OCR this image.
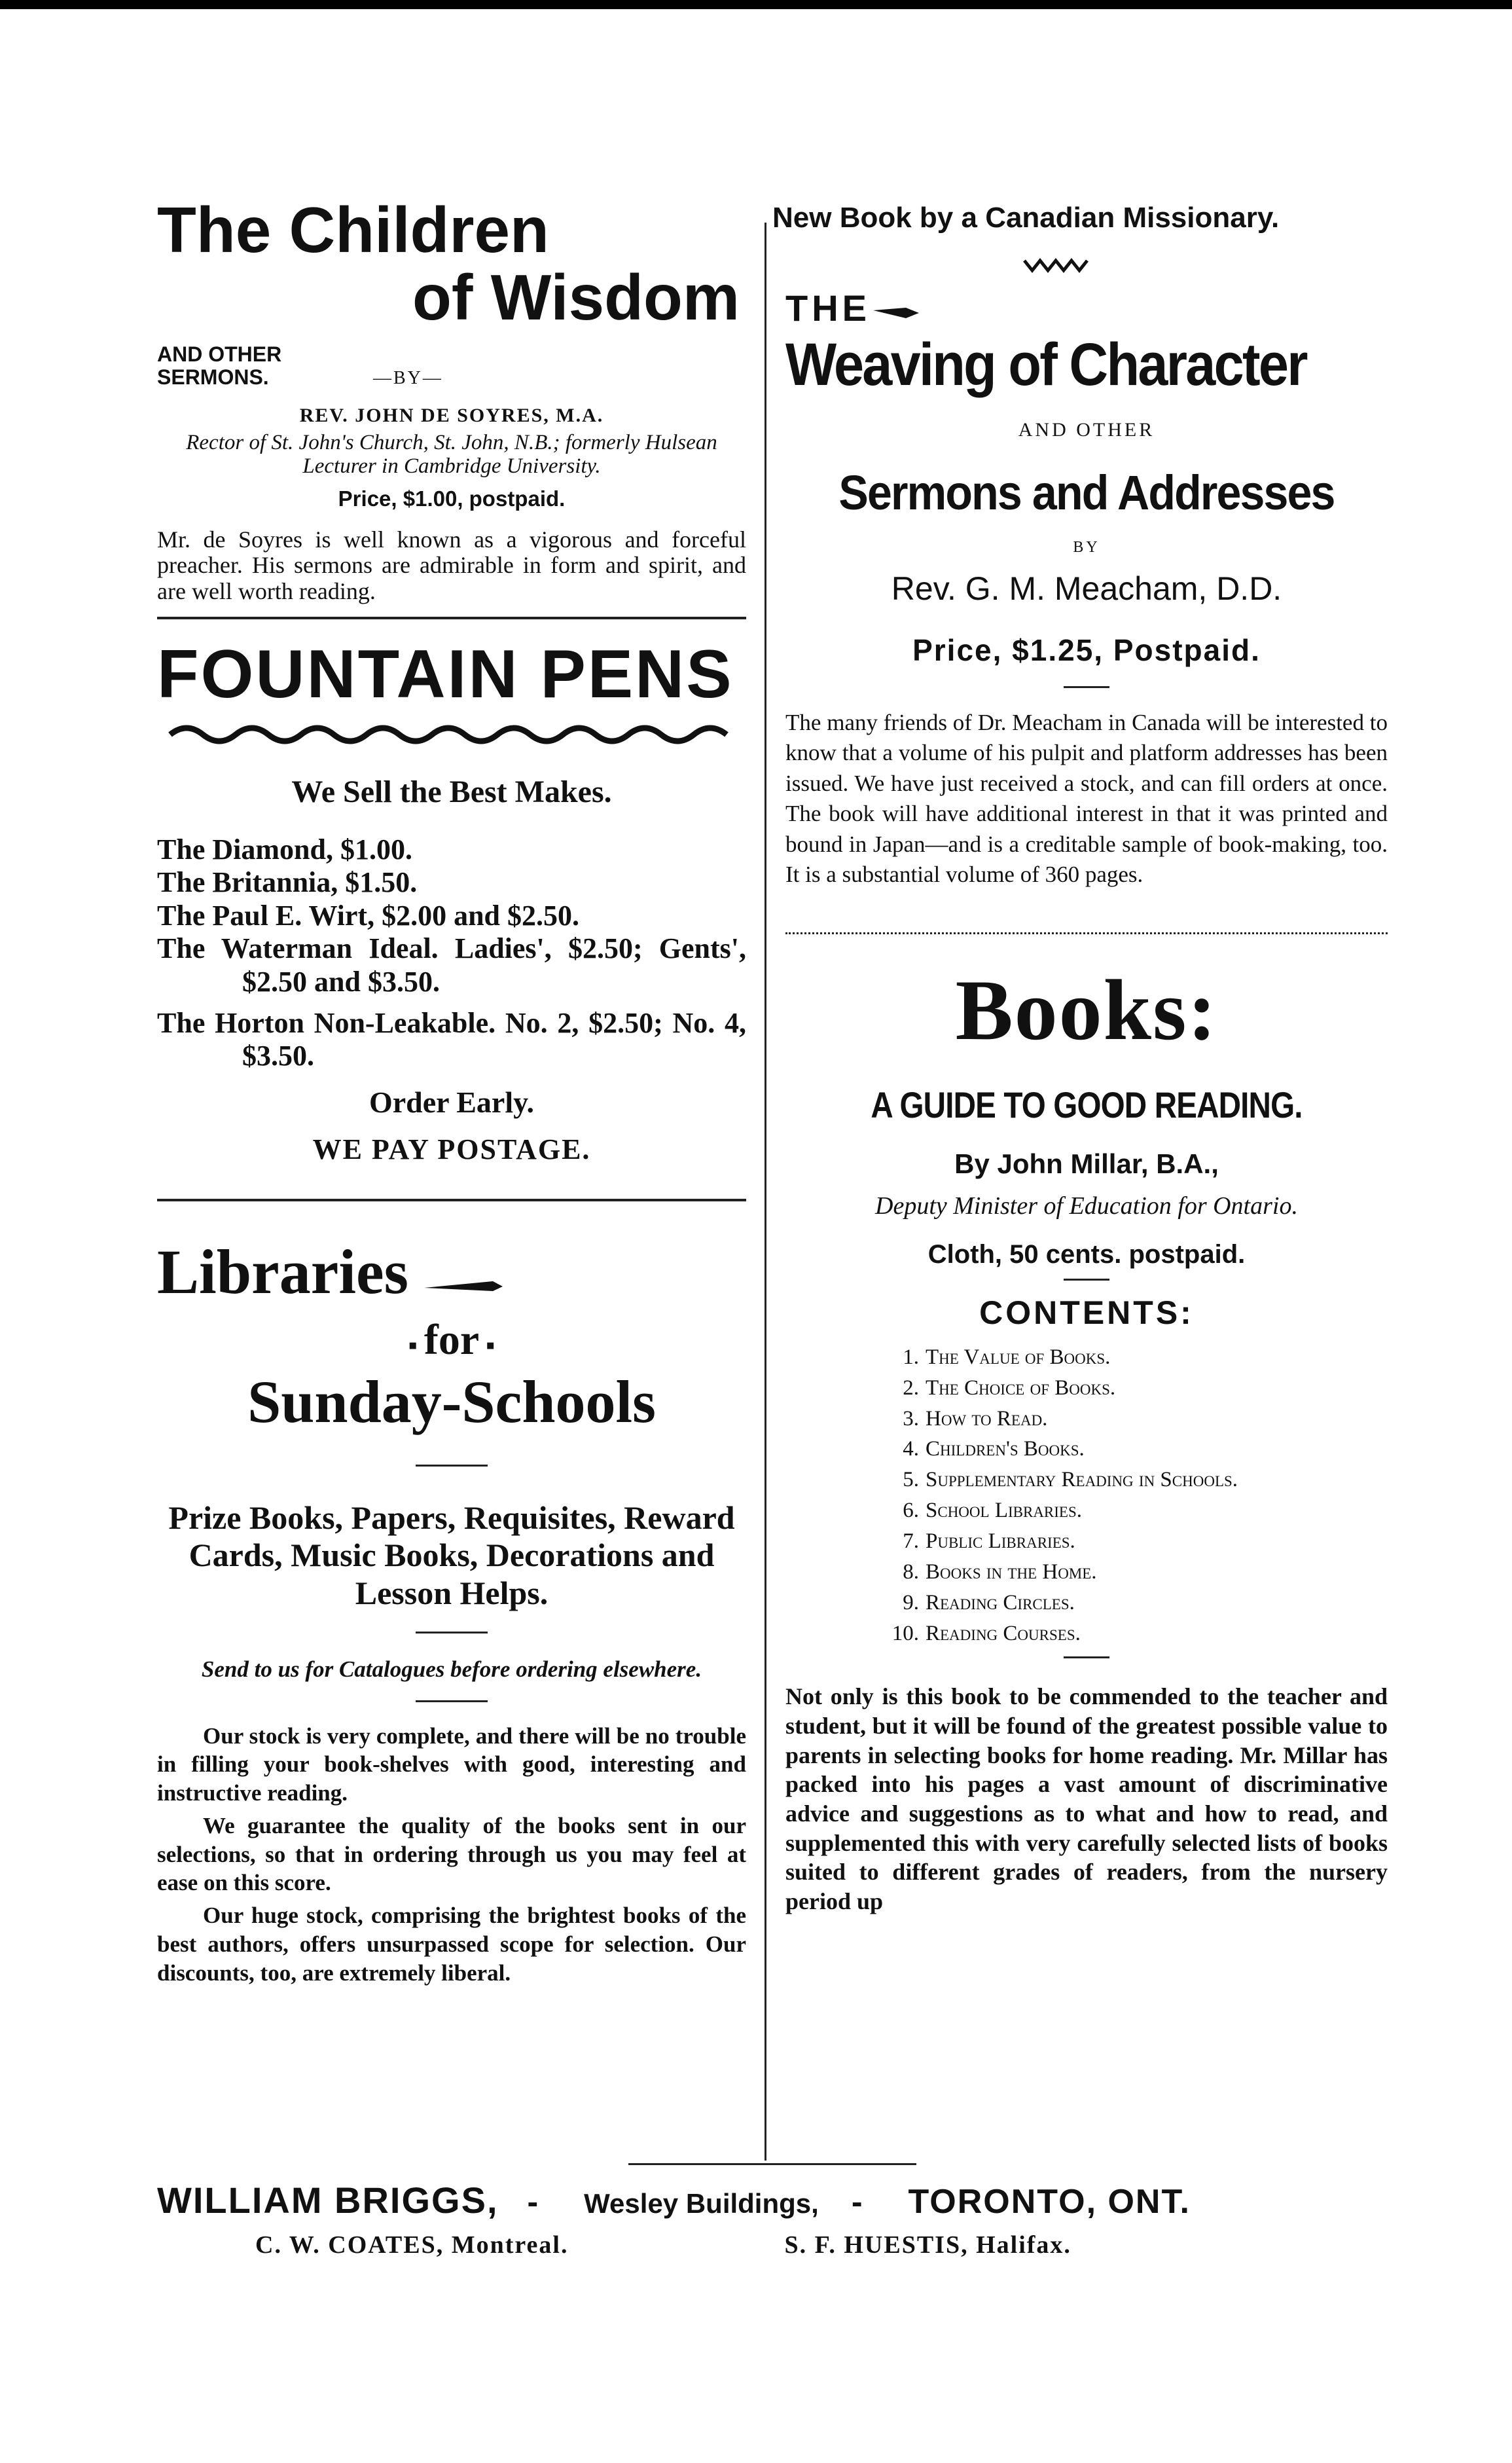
The Children
of Wisdom
AND OTHER
SERMONS.	—BY—
REV. JOHN DE SOYRES, M.A.
Rector of St. John's Church, St. John, N.B.; formerly Hulsean Lecturer in Cambridge University.
Price, $1.00, postpaid.
Mr. de Soyres is well known as a vigorous and forceful preacher. His sermons are admirable in form and spirit, and are well worth reading.
FOUNTAIN PENS
We Sell the Best Makes.
The Diamond, $1.00.
The Britannia, $1.50.
The Paul E. Wirt, $2.00 and $2.50.
The Waterman Ideal. Ladies', $2.50; Gents', $2.50 and $3.50.
The Horton Non-Leakable. No. 2, $2.50; No. 4, $3.50.
Order Early.
WE PAY POSTAGE.
Libraries
▪ for ▪
Sunday-Schools
Prize Books, Papers, Requisites, Reward Cards, Music Books, Decorations and Lesson Helps.
Send to us for Catalogues before ordering elsewhere.

Our stock is very complete, and there will be no trouble in filling your book-shelves with good, interesting and instructive reading.

We guarantee the quality of the books sent in our selections, so that in ordering through us you may feel at ease on this score.

Our huge stock, comprising the brightest books of the best authors, offers unsurpassed scope for selection. Our discounts, too, are extremely liberal.

New Book by a Canadian Missionary.
THE
Weaving of Character
AND OTHER
Sermons and Addresses
BY
Rev. G. M. Meacham, D.D.
Price, $1.25, Postpaid.
The many friends of Dr. Meacham in Canada will be interested to know that a volume of his pulpit and platform addresses has been issued. We have just received a stock, and can fill orders at once. The book will have additional interest in that it was printed and bound in Japan—and is a creditable sample of book-making, too. It is a substantial volume of 360 pages.
Books:
A GUIDE TO GOOD READING.
By John Millar, B.A.,
Deputy Minister of Education for Ontario.
Cloth, 50 cents. postpaid.
CONTENTS:
1. The Value of Books.
2. The Choice of Books.
3. How to Read.
4. Children's Books.
5. Supplementary Reading in Schools.
6. School Libraries.
7. Public Libraries.
8. Books in the Home.
9. Reading Circles.
10. Reading Courses.
Not only is this book to be commended to the teacher and student, but it will be found of the greatest possible value to parents in selecting books for home reading. Mr. Millar has packed into his pages a vast amount of discriminative advice and suggestions as to what and how to read, and supplemented this with very carefully selected lists of books suited to different grades of readers, from the nursery period up
WILLIAM BRIGGS, - Wesley Buildings, - TORONTO, ONT.
C. W. COATES, Montreal.	S. F. HUESTIS, Halifax.
